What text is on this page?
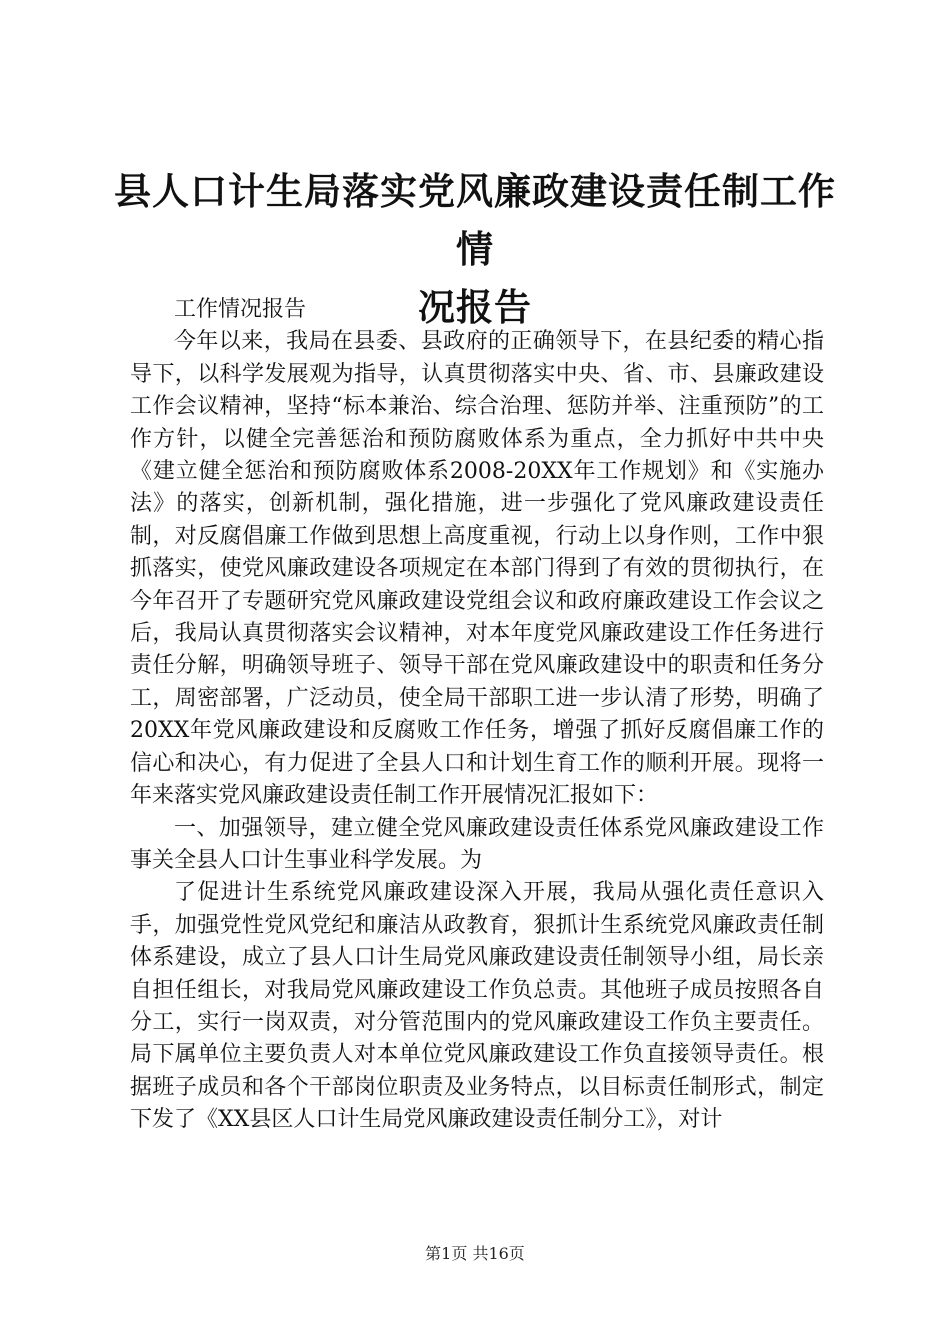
县人口计生局落实党风廉政建设责任制工作情
况报告

工作情况报告

今年以来，我局在县委、县政府的正确领导下，在县纪委的精心指导下，以科学发展观为指导，认真贯彻落实中央、省、市、县廉政建设工作会议精神，坚持“标本兼治、综合治理、惩防并举、注重预防”的工作方针，以健全完善惩治和预防腐败体系为重点，全力抓好中共中央《建立健全惩治和预防腐败体系2008-20XX年工作规划》和《实施办法》的落实，创新机制，强化措施，进一步强化了党风廉政建设责任制，对反腐倡廉工作做到思想上高度重视，行动上以身作则，工作中狠抓落实，使党风廉政建设各项规定在本部门得到了有效的贯彻执行，在今年召开了专题研究党风廉政建设党组会议和政府廉政建设工作会议之后，我局认真贯彻落实会议精神，对本年度党风廉政建设工作任务进行责任分解，明确领导班子、领导干部在党风廉政建设中的职责和任务分工，周密部署，广泛动员，使全局干部职工进一步认清了形势，明确了20XX年党风廉政建设和反腐败工作任务，增强了抓好反腐倡廉工作的信心和决心，有力促进了全县人口和计划生育工作的顺利开展。现将一年来落实党风廉政建设责任制工作开展情况汇报如下：

一、加强领导，建立健全党风廉政建设责任体系党风廉政建设工作事关全县人口计生事业科学发展。为

了促进计生系统党风廉政建设深入开展，我局从强化责任意识入手，加强党性党风党纪和廉洁从政教育，狠抓计生系统党风廉政责任制体系建设，成立了县人口计生局党风廉政建设责任制领导小组，局长亲自担任组长，对我局党风廉政建设工作负总责。其他班子成员按照各自分工，实行一岗双责，对分管范围内的党风廉政建设工作负主要责任。局下属单位主要负责人对本单位党风廉政建设工作负直接领导责任。根据班子成员和各个干部岗位职责及业务特点，以目标责任制形式，制定下发了《XX县区人口计生局党风廉政建设责任制分工》，对计

第1页 共16页
